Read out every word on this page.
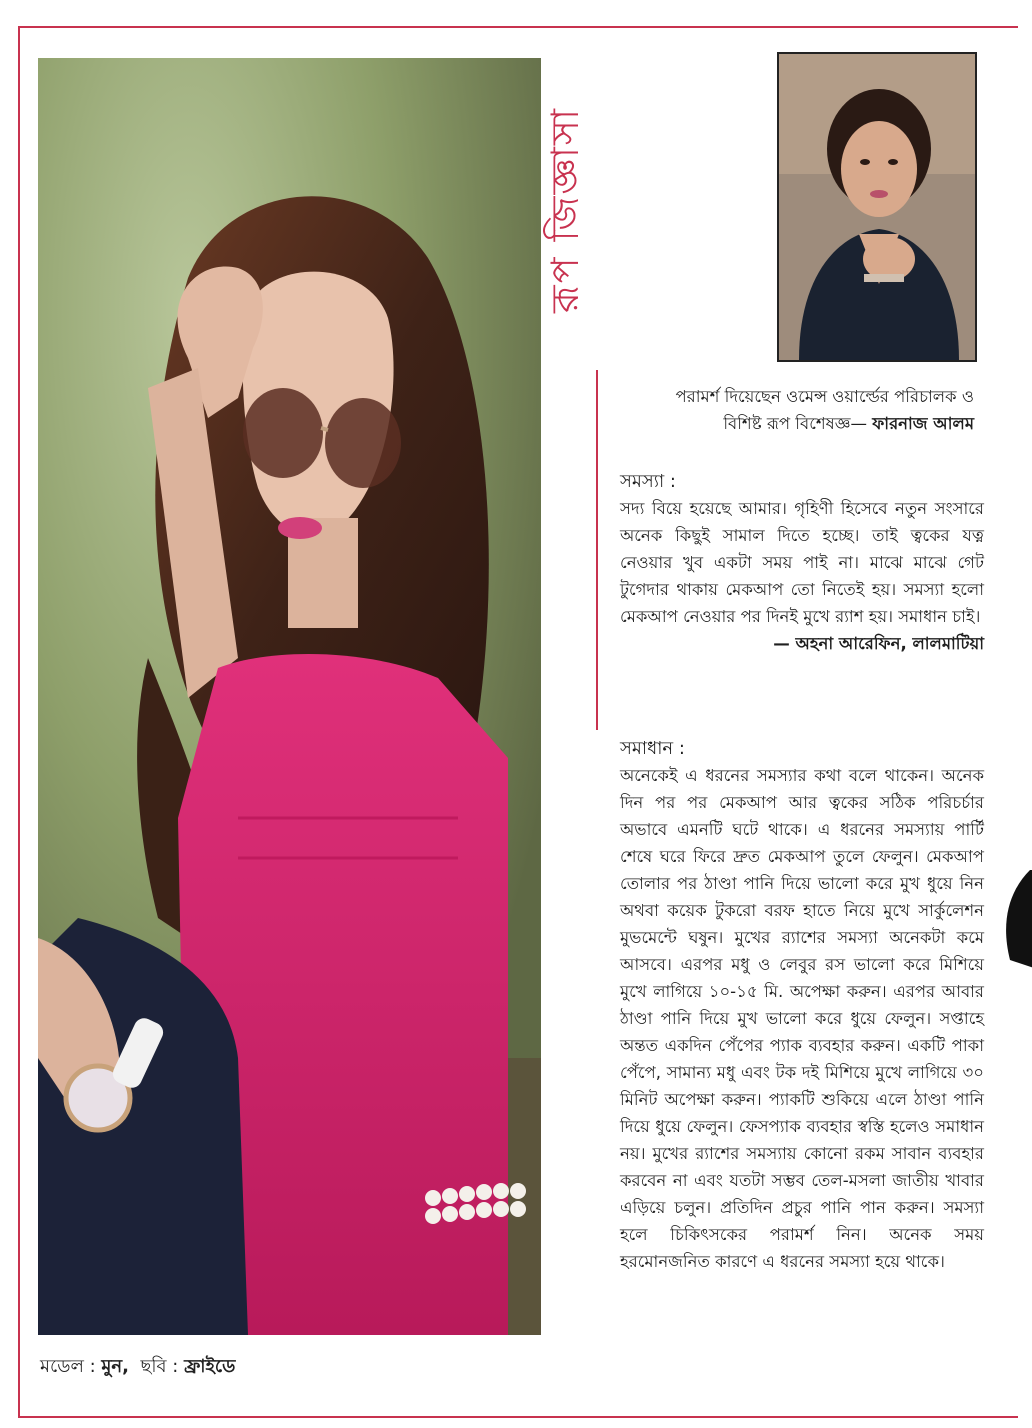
রূপ জিজ্ঞাসা
পরামর্শ দিয়েছেন ওমেন্স ওয়ার্ল্ডের পরিচালক ও
বিশিষ্ট রূপ বিশেষজ্ঞ— ফারনাজ আলম
সমস্যা :

সদ্য বিয়ে হয়েছে আমার। গৃহিণী হিসেবে নতুন সংসারে অনেক কিছুই সামাল দিতে হচ্ছে। তাই ত্বকের যত্ন নেওয়ার খুব একটা সময় পাই না। মাঝে মাঝে গেট টুগেদার থাকায় মেকআপ তো নিতেই হয়। সমস্যা হলো মেকআপ নেওয়ার পর দিনই মুখে র‍্যাশ হয়। সমাধান চাই।

— অহনা আরেফিন, লালমাটিয়া
সমাধান :

অনেকেই এ ধরনের সমস্যার কথা বলে থাকেন। অনেক দিন পর পর মেকআপ আর ত্বকের সঠিক পরিচর্চার অভাবে এমনটি ঘটে থাকে। এ ধরনের সমস্যায় পার্টি শেষে ঘরে ফিরে দ্রুত মেকআপ তুলে ফেলুন। মেকআপ তোলার পর ঠাণ্ডা পানি দিয়ে ভালো করে মুখ ধুয়ে নিন অথবা কয়েক টুকরো বরফ হাতে নিয়ে মুখে সার্কুলেশন মুভমেন্টে ঘষুন। মুখের র‍্যাশের সমস্যা অনেকটা কমে আসবে। এরপর মধু ও লেবুর রস ভালো করে মিশিয়ে মুখে লাগিয়ে ১০-১৫ মি. অপেক্ষা করুন। এরপর আবার ঠাণ্ডা পানি দিয়ে মুখ ভালো করে ধুয়ে ফেলুন। সপ্তাহে অন্তত একদিন পেঁপের প্যাক ব্যবহার করুন। একটি পাকা পেঁপে, সামান্য মধু এবং টক দই মিশিয়ে মুখে লাগিয়ে ৩০ মিনিট অপেক্ষা করুন। প্যাকটি শুকিয়ে এলে ঠাণ্ডা পানি দিয়ে ধুয়ে ফেলুন। ফেসপ্যাক ব্যবহার স্বস্তি হলেও সমাধান নয়। মুখের র‍্যাশের সমস্যায় কোনো রকম সাবান ব্যবহার করবেন না এবং যতটা সম্ভব তেল-মসলা জাতীয় খাবার এড়িয়ে চলুন। প্রতিদিন প্রচুর পানি পান করুন। সমস্যা হলে চিকিৎসকের পরামর্শ নিন। অনেক সময় হরমোনজনিত কারণে এ ধরনের সমস্যা হয়ে থাকে।

মডেল : মুন, ছবি : ফ্রাইডে
